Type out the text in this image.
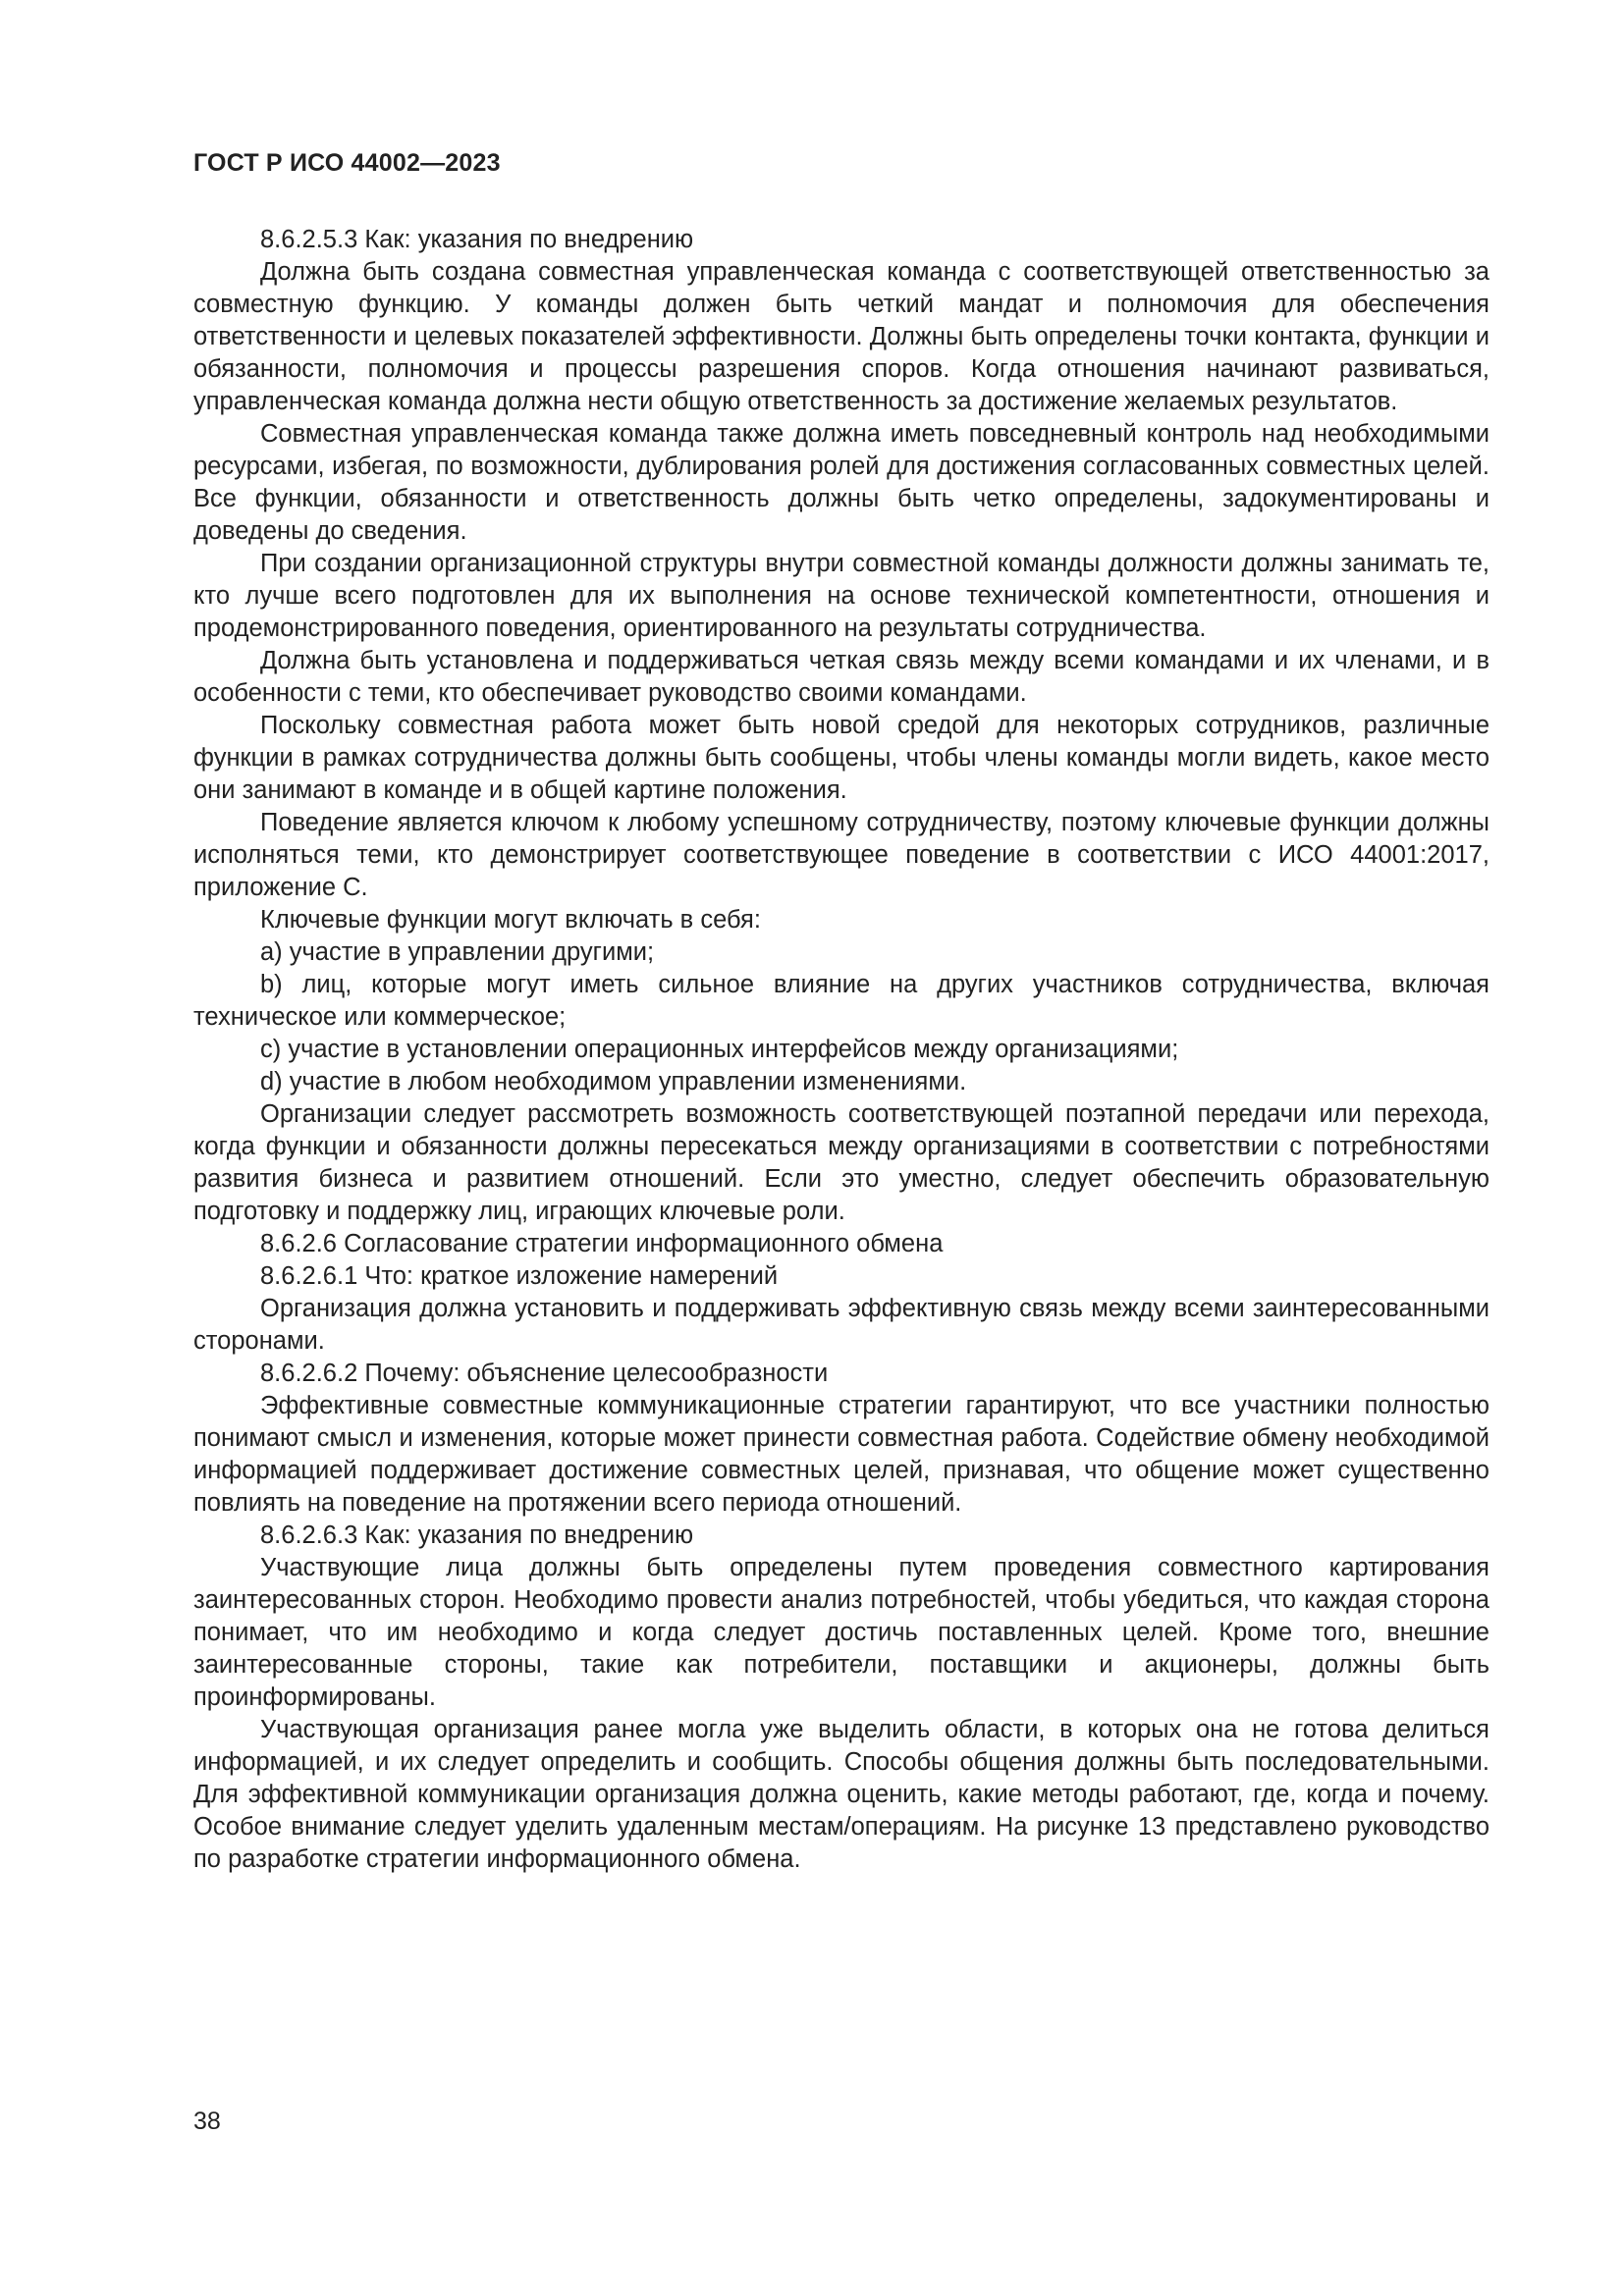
ГОСТ Р ИСО 44002—2023

8.6.2.5.3 Как: указания по внедрению

Должна быть создана совместная управленческая команда с соответствующей ответственностью за совместную функцию. У команды должен быть четкий мандат и полномочия для обеспечения ответственности и целевых показателей эффективности. Должны быть определены точки контакта, функции и обязанности, полномочия и процессы разрешения споров. Когда отношения начинают развиваться, управленческая команда должна нести общую ответственность за достижение желаемых результатов.

Совместная управленческая команда также должна иметь повседневный контроль над необходимыми ресурсами, избегая, по возможности, дублирования ролей для достижения согласованных совместных целей. Все функции, обязанности и ответственность должны быть четко определены, задокументированы и доведены до сведения.

При создании организационной структуры внутри совместной команды должности должны занимать те, кто лучше всего подготовлен для их выполнения на основе технической компетентности, отношения и продемонстрированного поведения, ориентированного на результаты сотрудничества.

Должна быть установлена и поддерживаться четкая связь между всеми командами и их членами, и в особенности с теми, кто обеспечивает руководство своими командами.

Поскольку совместная работа может быть новой средой для некоторых сотрудников, различные функции в рамках сотрудничества должны быть сообщены, чтобы члены команды могли видеть, какое место они занимают в команде и в общей картине положения.

Поведение является ключом к любому успешному сотрудничеству, поэтому ключевые функции должны исполняться теми, кто демонстрирует соответствующее поведение в соответствии с ИСО 44001:2017, приложение С.

Ключевые функции могут включать в себя:

a) участие в управлении другими;

b) лиц, которые могут иметь сильное влияние на других участников сотрудничества, включая техническое или коммерческое;

c) участие в установлении операционных интерфейсов между организациями;

d) участие в любом необходимом управлении изменениями.

Организации следует рассмотреть возможность соответствующей поэтапной передачи или перехода, когда функции и обязанности должны пересекаться между организациями в соответствии с потребностями развития бизнеса и развитием отношений. Если это уместно, следует обеспечить образовательную подготовку и поддержку лиц, играющих ключевые роли.

8.6.2.6 Согласование стратегии информационного обмена

8.6.2.6.1 Что: краткое изложение намерений

Организация должна установить и поддерживать эффективную связь между всеми заинтересованными сторонами.

8.6.2.6.2 Почему: объяснение целесообразности

Эффективные совместные коммуникационные стратегии гарантируют, что все участники полностью понимают смысл и изменения, которые может принести совместная работа. Содействие обмену необходимой информацией поддерживает достижение совместных целей, признавая, что общение может существенно повлиять на поведение на протяжении всего периода отношений.

8.6.2.6.3 Как: указания по внедрению

Участвующие лица должны быть определены путем проведения совместного картирования заинтересованных сторон. Необходимо провести анализ потребностей, чтобы убедиться, что каждая сторона понимает, что им необходимо и когда следует достичь поставленных целей. Кроме того, внешние заинтересованные стороны, такие как потребители, поставщики и акционеры, должны быть проинформированы.

Участвующая организация ранее могла уже выделить области, в которых она не готова делиться информацией, и их следует определить и сообщить. Способы общения должны быть последовательными. Для эффективной коммуникации организация должна оценить, какие методы работают, где, когда и почему. Особое внимание следует уделить удаленным местам/операциям. На рисунке 13 представлено руководство по разработке стратегии информационного обмена.

38
